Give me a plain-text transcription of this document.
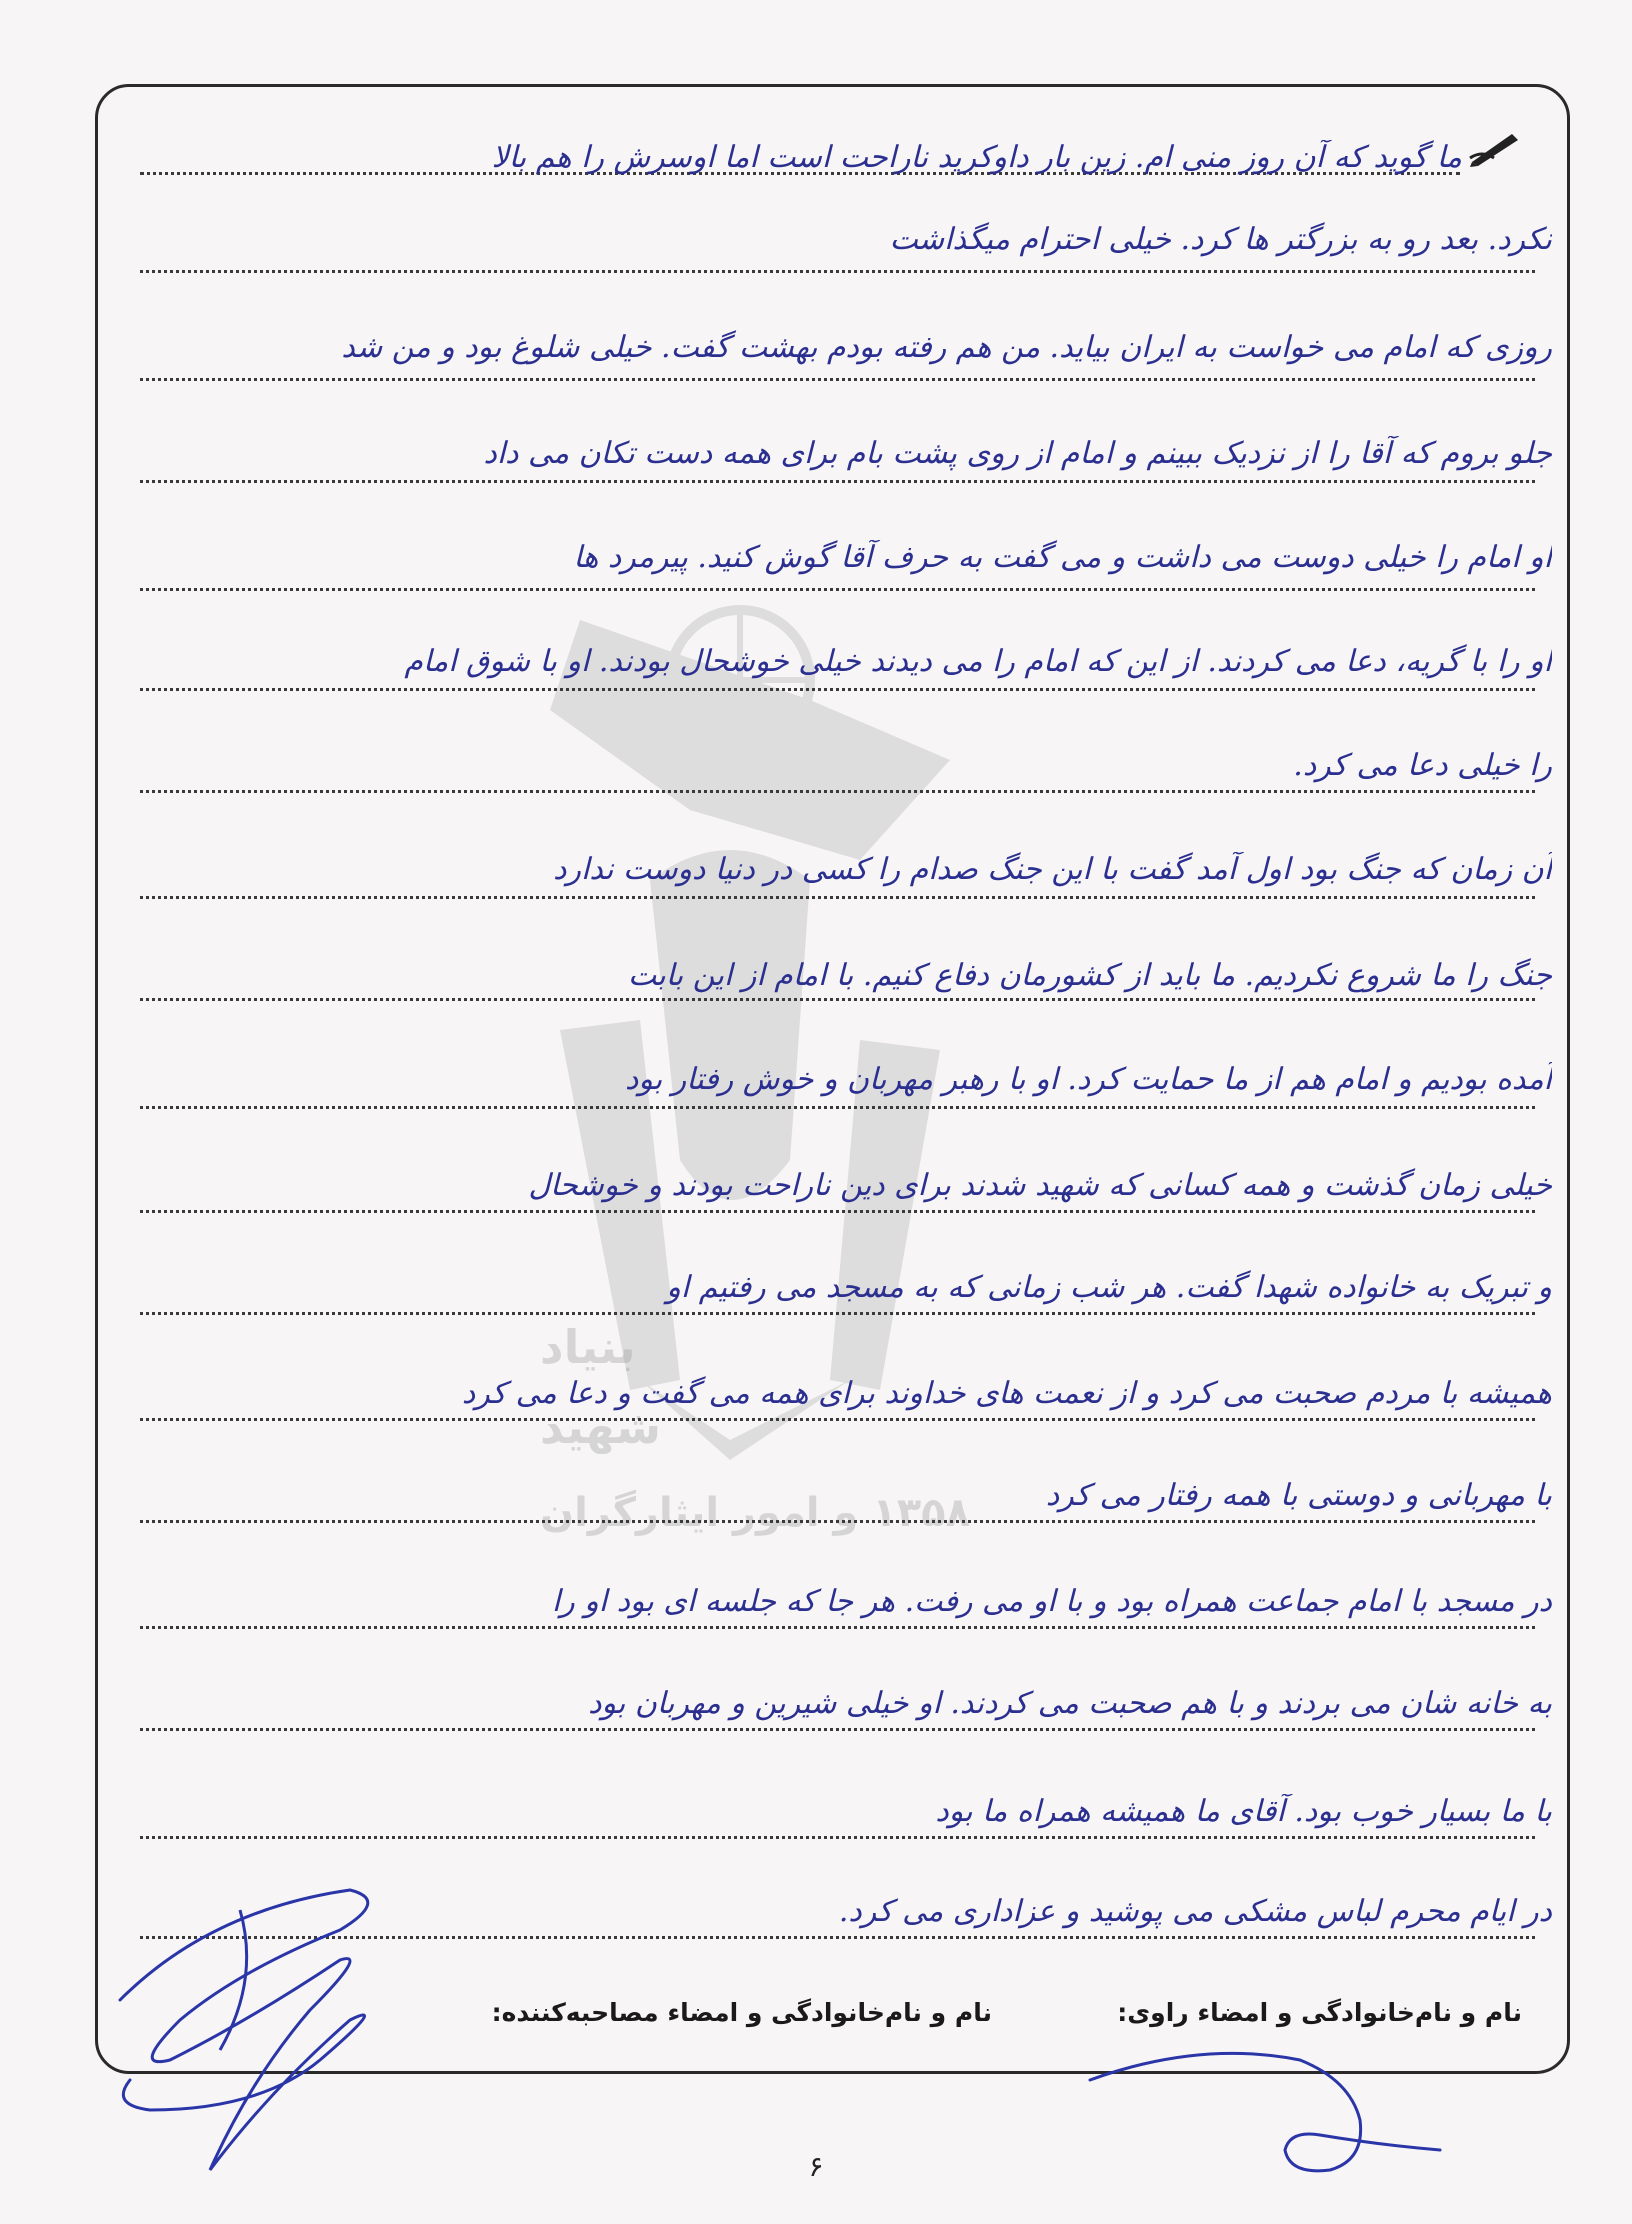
بنیاد
شهید
۱۳۵۸ و امور ایثارگران
ما گوید که آن روز منی ام. زین بار داوکرید ناراحت است اما اوسرش را هم بالا
نکرد. بعد رو به بزرگتر ها کرد. خیلی احترام میگذاشت
روزی که امام می خواست به ایران بیاید. من هم رفته بودم بهشت گفت. خیلی شلوغ بود و من شد
جلو بروم که آقا را از نزدیک ببینم و امام از روی پشت بام برای همه دست تکان می داد
او امام را خیلی دوست می داشت و می گفت به حرف آقا گوش کنید. پیرمرد ها
او را با گریه، دعا می کردند. از این که امام را می دیدند خیلی خوشحال بودند. او با شوق امام
را خیلی دعا می کرد.
آن زمان که جنگ بود اول آمد گفت با این جنگ صدام را کسی در دنیا دوست ندارد
جنگ را ما شروع نکردیم. ما باید از کشورمان دفاع کنیم. با امام از این بابت
آمده بودیم و امام هم از ما حمایت کرد. او با رهبر مهربان و خوش رفتار بود
خیلی زمان گذشت و همه کسانی که شهید شدند برای دین ناراحت بودند و خوشحال
و تبریک به خانواده شهدا گفت. هر شب زمانی که به مسجد می رفتیم او
همیشه با مردم صحبت می کرد و از نعمت های خداوند برای همه می گفت و دعا می کرد
با مهربانی و دوستی با همه رفتار می کرد
در مسجد با امام جماعت همراه بود و با او می رفت. هر جا که جلسه ای بود او را
به خانه شان می بردند و با هم صحبت می کردند. او خیلی شیرین و مهربان بود
با ما بسیار خوب بود. آقای ما همیشه همراه ما بود
در ایام محرم لباس مشکی می پوشید و عزاداری می کرد.
نام و نام‌خانوادگی و امضاء راوی:
نام و نام‌خانوادگی و امضاء مصاحبه‌کننده:
۶
